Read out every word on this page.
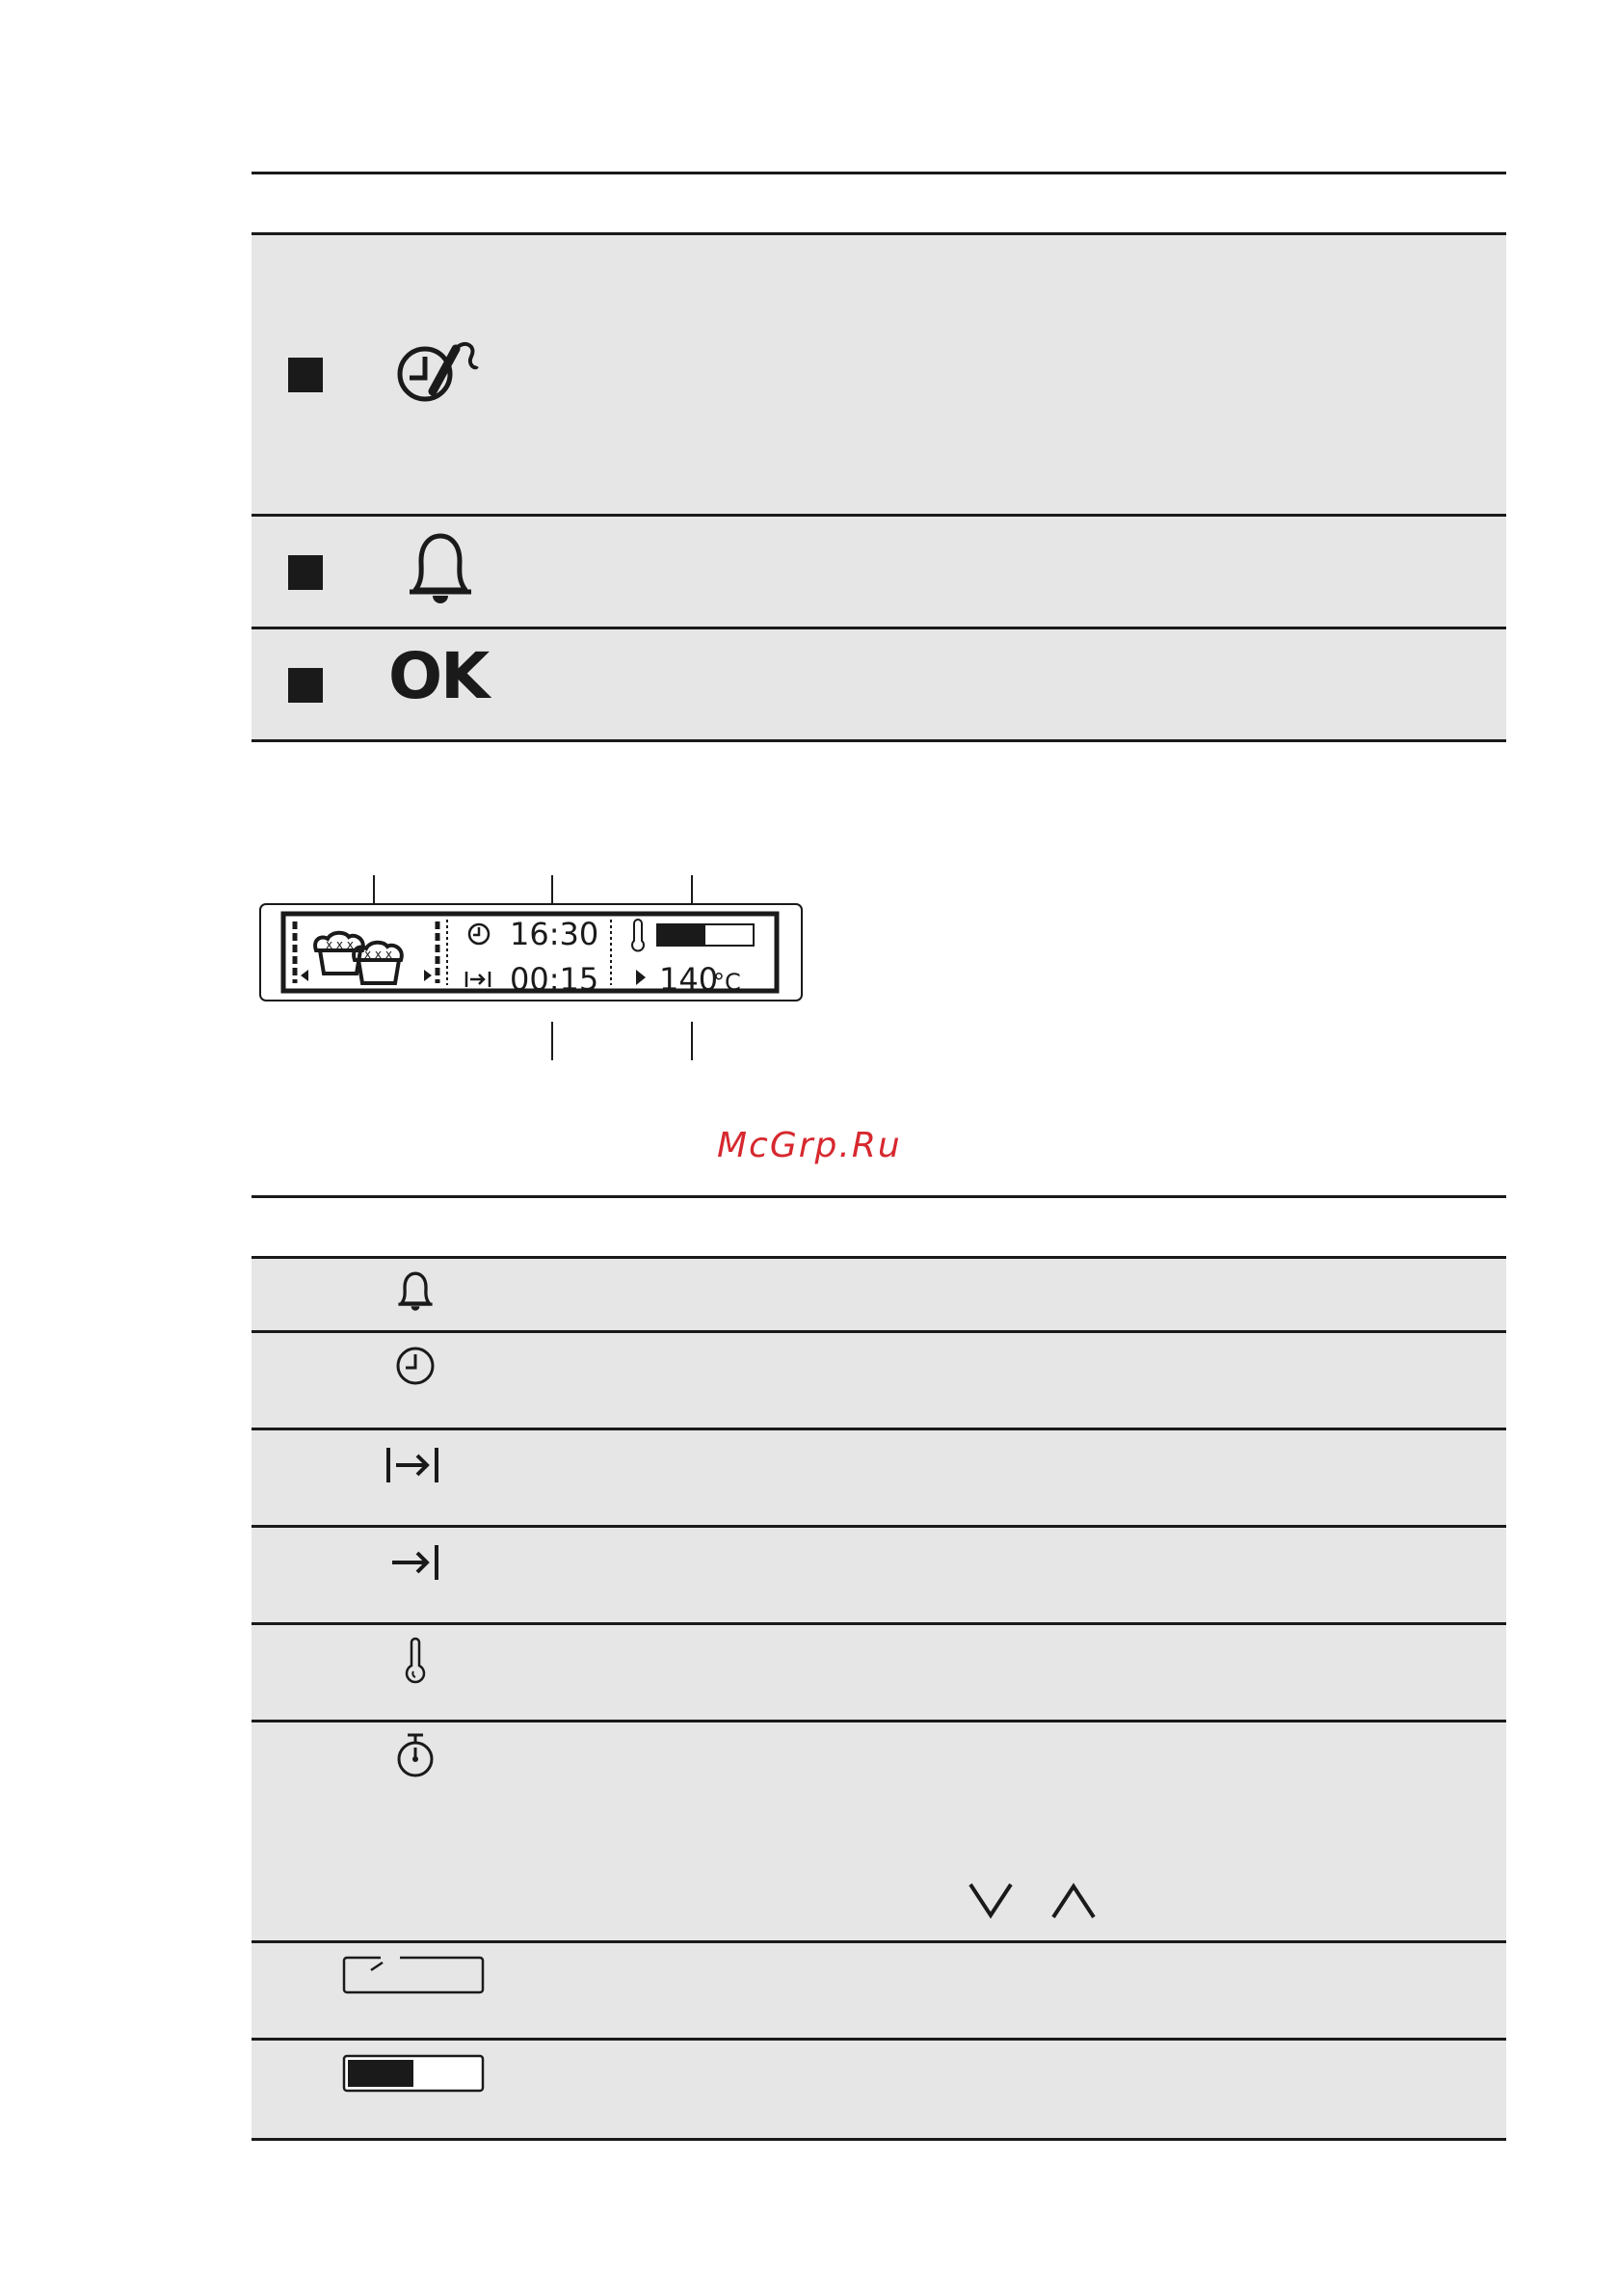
OK
x x x
x x x
16:30
00:15 140
°C
McGrp.Ru
